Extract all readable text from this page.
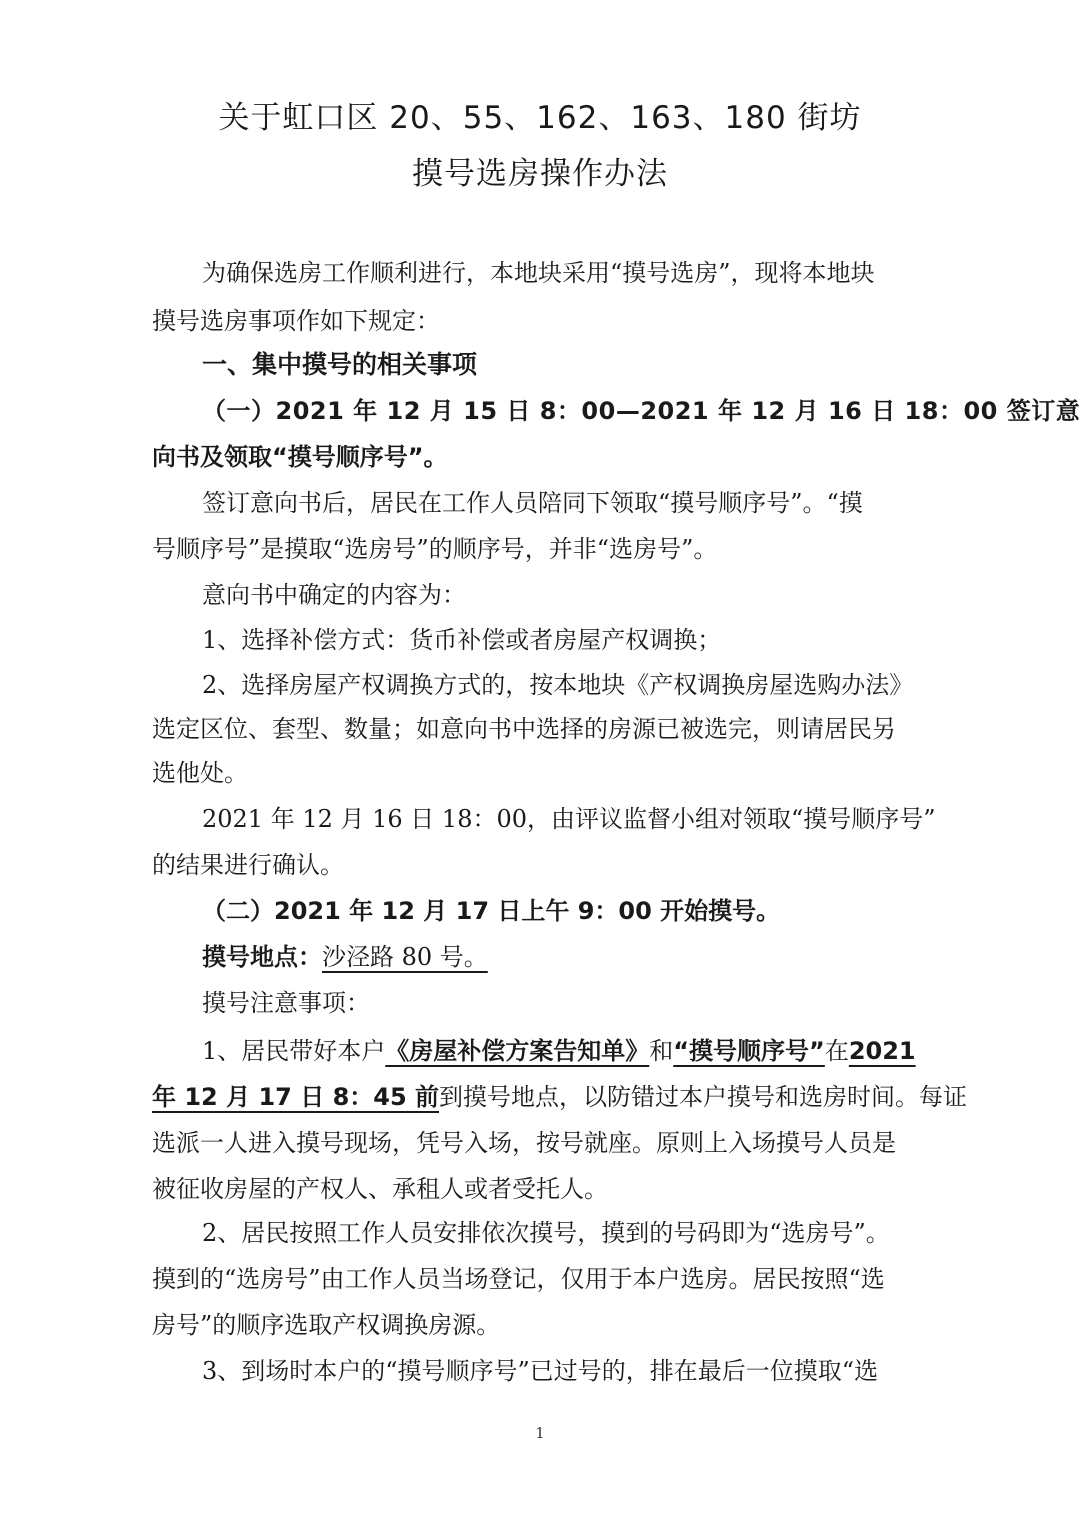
关于虹口区 20、55、162、163、180 街坊
摸号选房操作办法
为确保选房工作顺利进行，本地块采用“摸号选房”，现将本地块
摸号选房事项作如下规定：
一、集中摸号的相关事项
（一）2021 年 12 月 15 日 8：00—2021 年 12 月 16 日 18：00 签订意
向书及领取“摸号顺序号”。
签订意向书后，居民在工作人员陪同下领取“摸号顺序号”。“摸
号顺序号”是摸取“选房号”的顺序号，并非“选房号”。
意向书中确定的内容为：
1、选择补偿方式：货币补偿或者房屋产权调换；
2、选择房屋产权调换方式的，按本地块《产权调换房屋选购办法》
选定区位、套型、数量；如意向书中选择的房源已被选完，则请居民另
选他处。
2021 年 12 月 16 日 18：00，由评议监督小组对领取“摸号顺序号”
的结果进行确认。
（二）2021 年 12 月 17 日上午 9：00 开始摸号。
摸号地点：沙泾路 80 号。
摸号注意事项：
1、居民带好本户《房屋补偿方案告知单》和“摸号顺序号”在2021
年 12 月 17 日 8：45 前到摸号地点，以防错过本户摸号和选房时间。每证
选派一人进入摸号现场，凭号入场，按号就座。原则上入场摸号人员是
被征收房屋的产权人、承租人或者受托人。
2、居民按照工作人员安排依次摸号，摸到的号码即为“选房号”。
摸到的“选房号”由工作人员当场登记，仅用于本户选房。居民按照“选
房号”的顺序选取产权调换房源。
3、到场时本户的“摸号顺序号”已过号的，排在最后一位摸取“选
1
